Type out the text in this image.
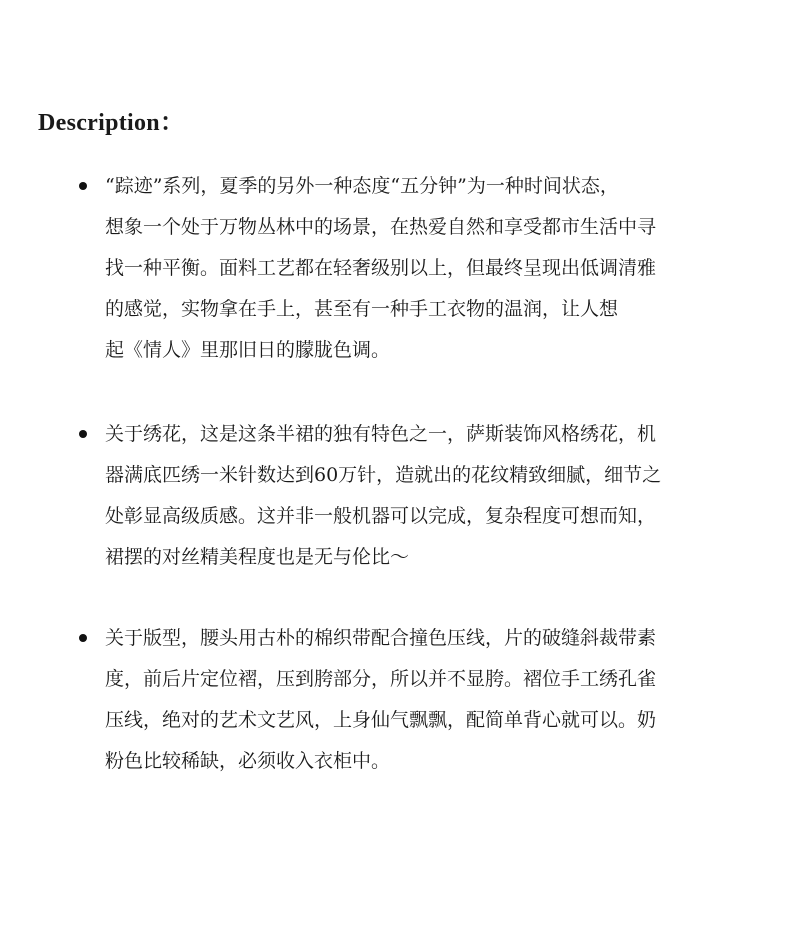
Description：

“踪迹”系列，夏季的另外一种态度“五分钟”为一种时间状态，

想象一个处于万物丛林中的场景，在热爱自然和享受都市生活中寻

找一种平衡。面料工艺都在轻奢级别以上，但最终呈现出低调清雅

的感觉，实物拿在手上，甚至有一种手工衣物的温润，让人想

起《情人》里那旧日的朦胧色调。

关于绣花，这是这条半裙的独有特色之一，萨斯装饰风格绣花，机

器满底匹绣一米针数达到60万针，造就出的花纹精致细腻，细节之

处彰显高级质感。这并非一般机器可以完成，复杂程度可想而知，

裙摆的对丝精美程度也是无与伦比～

关于版型，腰头用古朴的棉织带配合撞色压线，片的破缝斜裁带素

度，前后片定位褶，压到胯部分，所以并不显胯。褶位手工绣孔雀

压线，绝对的艺术文艺风，上身仙气飘飘，配简单背心就可以。奶

粉色比较稀缺，必须收入衣柜中。
